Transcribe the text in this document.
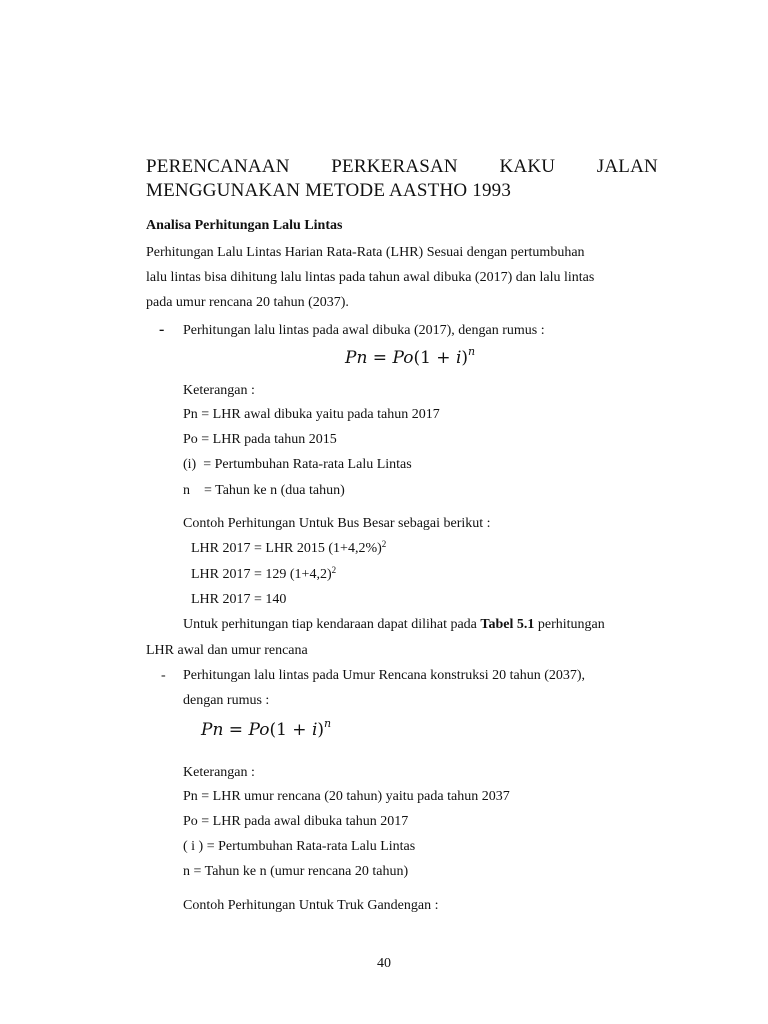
PERENCANAAN PERKERASAN KAKU JALAN
MENGGUNAKAN METODE AASTHO 1993
Analisa Perhitungan Lalu Lintas
Perhitungan Lalu Lintas Harian Rata-Rata (LHR) Sesuai dengan pertumbuhan
lalu lintas bisa dihitung lalu lintas pada tahun awal dibuka (2017) dan lalu lintas
pada umur rencana 20 tahun (2037).
- Perhitungan lalu lintas pada awal dibuka (2017), dengan rumus :
$Pn = Po(1 + i)^n$
Keterangan :
Pn = LHR awal dibuka yaitu pada tahun 2017
Po = LHR pada tahun 2015
(i)  = Pertumbuhan Rata-rata Lalu Lintas
n    = Tahun ke n (dua tahun)
Contoh Perhitungan Untuk Bus Besar sebagai berikut :
LHR 2017 = LHR 2015 $(1+4,2\%)^2$
LHR 2017 = 129 $(1+4,2)^2$
LHR 2017 = 140
Untuk perhitungan tiap kendaraan dapat dilihat pada Tabel 5.1 perhitungan
LHR awal dan umur rencana
- Perhitungan lalu lintas pada Umur Rencana konstruksi 20 tahun (2037),
dengan rumus :
$Pn = Po(1 + i)^n$
Keterangan :
Pn = LHR umur rencana (20 tahun) yaitu pada tahun 2037
Po = LHR pada awal dibuka tahun 2017
( i ) = Pertumbuhan Rata-rata Lalu Lintas
n = Tahun ke n (umur rencana 20 tahun)
Contoh Perhitungan Untuk Truk Gandengan :
40
